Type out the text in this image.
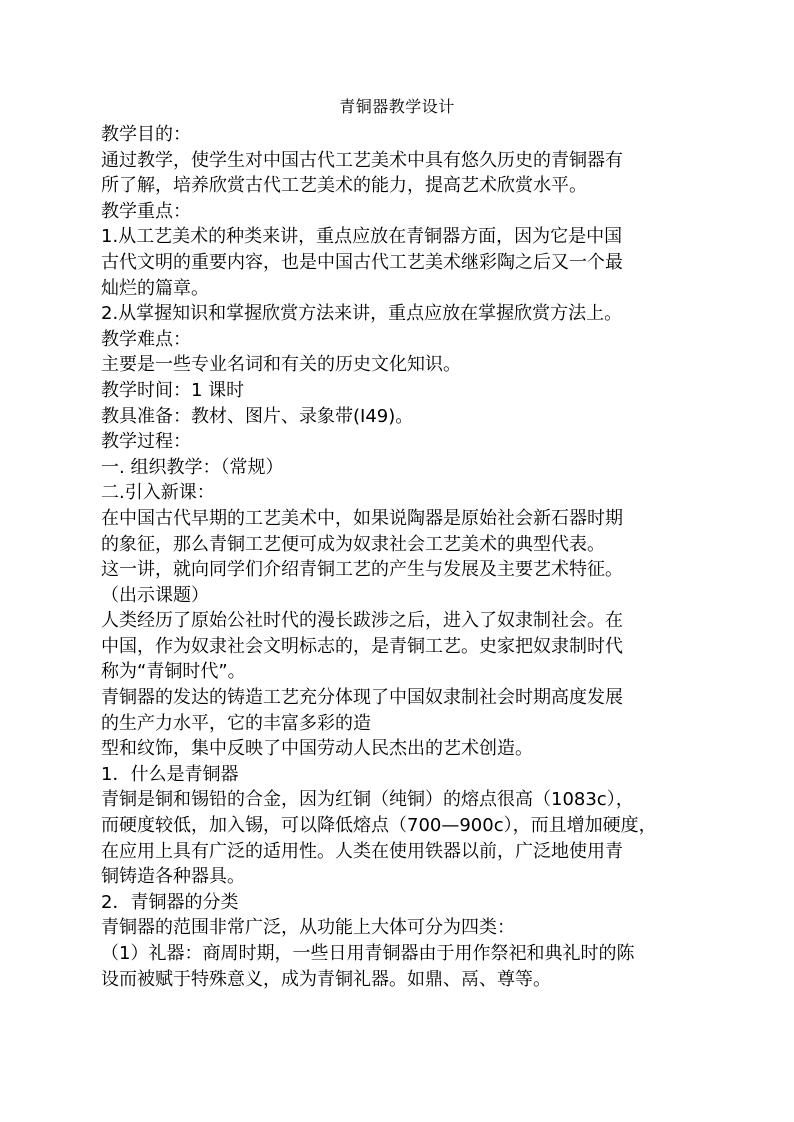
青铜器教学设计

教学目的：

通过教学，使学生对中国古代工艺美术中具有悠久历史的青铜器有

所了解，培养欣赏古代工艺美术的能力，提高艺术欣赏水平。

教学重点：

1.从工艺美术的种类来讲，重点应放在青铜器方面，因为它是中国

古代文明的重要内容，也是中国古代工艺美术继彩陶之后又一个最

灿烂的篇章。

2.从掌握知识和掌握欣赏方法来讲，重点应放在掌握欣赏方法上。

教学难点：

主要是一些专业名词和有关的历史文化知识。

教学时间：1 课时

教具准备：教材、图片、录象带(I49)。

教学过程：

一. 组织教学：（常规）

二.引入新课：

在中国古代早期的工艺美术中，如果说陶器是原始社会新石器时期

的象征，那么青铜工艺便可成为奴隶社会工艺美术的典型代表。

这一讲，就向同学们介绍青铜工艺的产生与发展及主要艺术特征。

（出示课题）

人类经历了原始公社时代的漫长跋涉之后，进入了奴隶制社会。在

中国，作为奴隶社会文明标志的，是青铜工艺。史家把奴隶制时代

称为“青铜时代”。

青铜器的发达的铸造工艺充分体现了中国奴隶制社会时期高度发展

的生产力水平，它的丰富多彩的造

型和纹饰，集中反映了中国劳动人民杰出的艺术创造。

1．什么是青铜器

青铜是铜和锡铅的合金，因为红铜（纯铜）的熔点很高（1083c），

而硬度较低，加入锡，可以降低熔点（700—900c），而且增加硬度，

在应用上具有广泛的适用性。人类在使用铁器以前，广泛地使用青

铜铸造各种器具。

2．青铜器的分类

青铜器的范围非常广泛，从功能上大体可分为四类：

（1）礼器：商周时期，一些日用青铜器由于用作祭祀和典礼时的陈

设而被赋于特殊意义，成为青铜礼器。如鼎、鬲、尊等。
